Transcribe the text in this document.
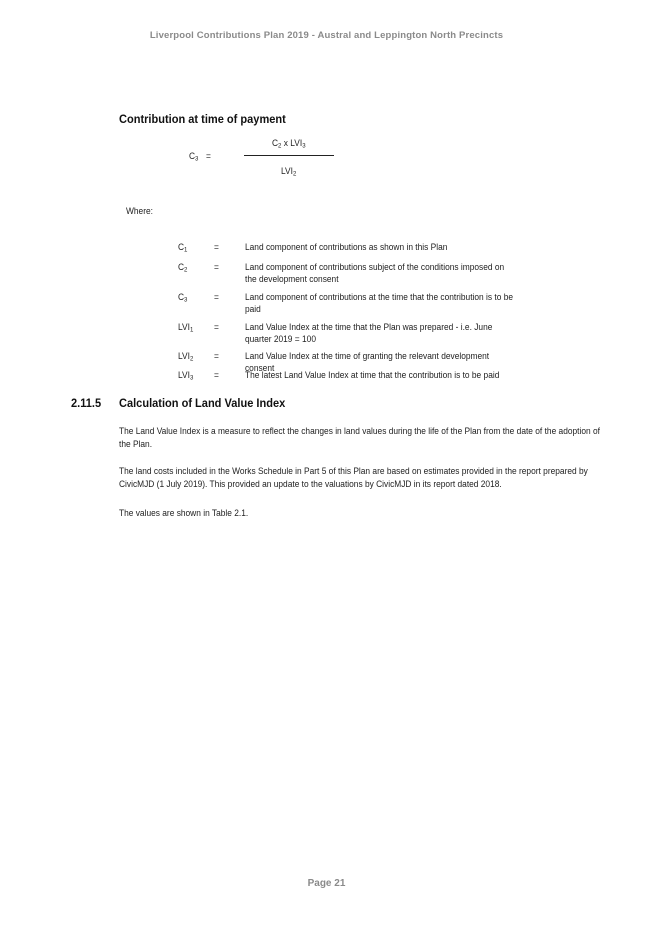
Liverpool Contributions Plan 2019 - Austral and Leppington North Precincts
Contribution at time of payment
$C_2$ x $LVI_3$
$C_3$ =
$LVI_2$
Where:
$C_1$	=	Land component of contributions as shown in this Plan
$C_2$	=	Land component of contributions subject of the conditions imposed on the development consent
$C_3$	=	Land component of contributions at the time that the contribution is to be paid
$LVI_1$ =	Land Value Index at the time that the Plan was prepared - i.e. June quarter 2019 = 100
$LVI_2$ =	Land Value Index at the time of granting the relevant development consent
$LVI_3$ =	The latest Land Value Index at time that the contribution is to be paid
2.11.5 Calculation of Land Value Index
The Land Value Index is a measure to reflect the changes in land values during the life of the Plan from the date of the adoption of the Plan.
The land costs included in the Works Schedule in Part 5 of this Plan are based on estimates provided in the report prepared by CivicMJD (1 July 2019). This provided an update to the valuations by CivicMJD in its report dated 2018.
The values are shown in Table 2.1.
Page 21
